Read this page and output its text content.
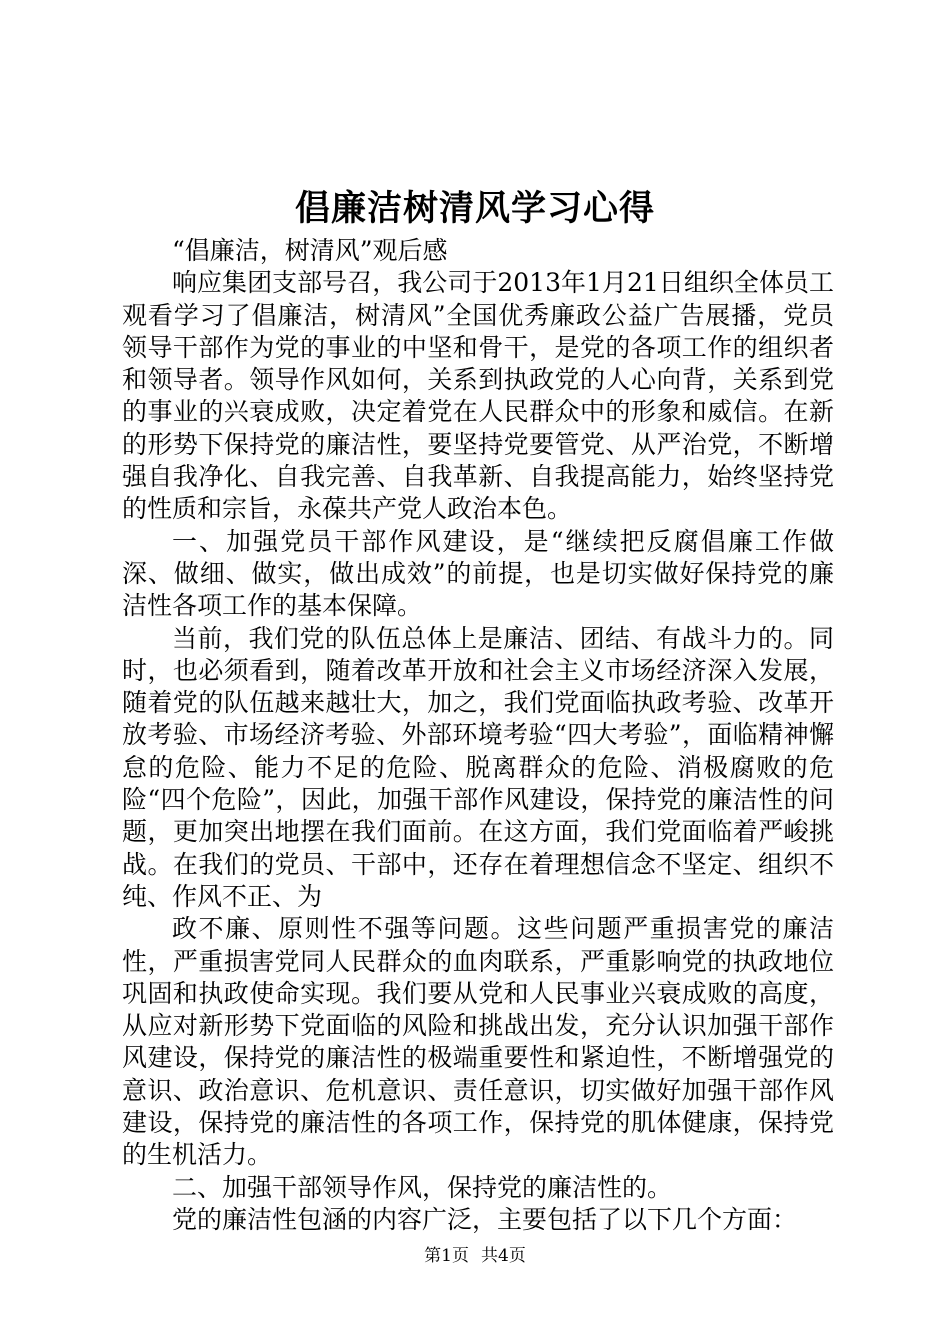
倡廉洁树清风学习心得

“倡廉洁，树清风”观后感

响应集团支部号召，我公司于2013年1月21日组织全体员工观看学习了倡廉洁，树清风”全国优秀廉政公益广告展播，党员领导干部作为党的事业的中坚和骨干，是党的各项工作的组织者和领导者。领导作风如何，关系到执政党的人心向背，关系到党的事业的兴衰成败，决定着党在人民群众中的形象和威信。在新的形势下保持党的廉洁性，要坚持党要管党、从严治党，不断增强自我净化、自我完善、自我革新、自我提高能力，始终坚持党的性质和宗旨，永葆共产党人政治本色。

一、加强党员干部作风建设，是“继续把反腐倡廉工作做深、做细、做实，做出成效”的前提，也是切实做好保持党的廉洁性各项工作的基本保障。

当前，我们党的队伍总体上是廉洁、团结、有战斗力的。同时，也必须看到，随着改革开放和社会主义市场经济深入发展，随着党的队伍越来越壮大，加之，我们党面临执政考验、改革开放考验、市场经济考验、外部环境考验“四大考验”，面临精神懈怠的危险、能力不足的危险、脱离群众的危险、消极腐败的危险“四个危险”，因此，加强干部作风建设，保持党的廉洁性的问题，更加突出地摆在我们面前。在这方面，我们党面临着严峻挑战。在我们的党员、干部中，还存在着理想信念不坚定、组织不纯、作风不正、为

政不廉、原则性不强等问题。这些问题严重损害党的廉洁性，严重损害党同人民群众的血肉联系，严重影响党的执政地位巩固和执政使命实现。我们要从党和人民事业兴衰成败的高度，从应对新形势下党面临的风险和挑战出发，充分认识加强干部作风建设，保持党的廉洁性的极端重要性和紧迫性，不断增强党的意识、政治意识、危机意识、责任意识，切实做好加强干部作风建设，保持党的廉洁性的各项工作，保持党的肌体健康，保持党的生机活力。

二、加强干部领导作风，保持党的廉洁性的。

党的廉洁性包涵的内容广泛，主要包括了以下几个方面：

第1页 共4页
